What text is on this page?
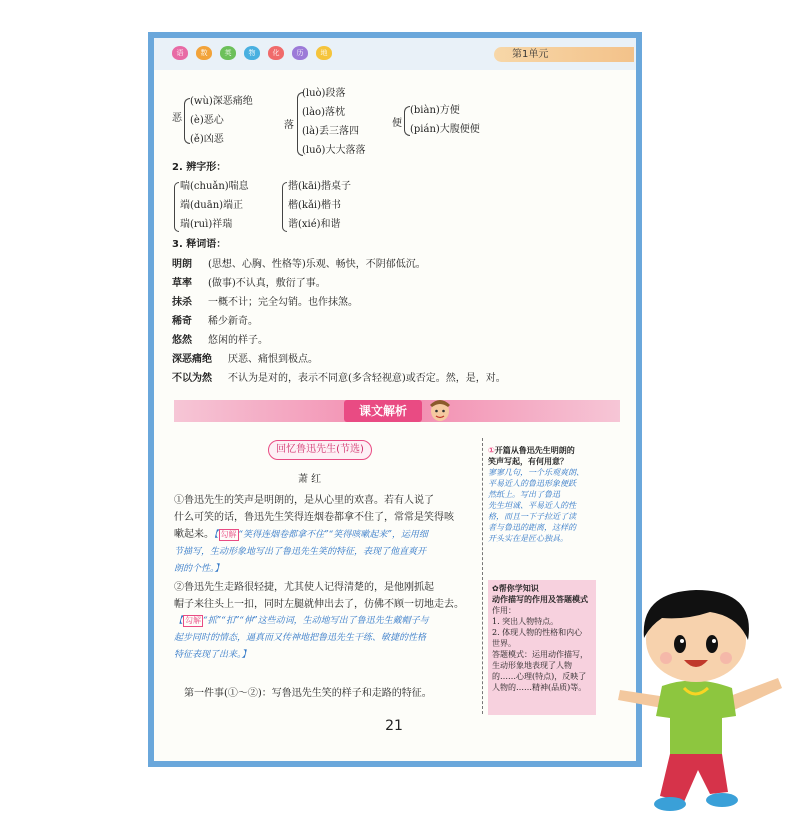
语	数	英	物	化	历	地	第1单元
恶
(wù)深恶痛绝
(è)恶心
(ě)凶恶
落
(luò)段落
(lào)落枕
(là)丢三落四
(luō)大大落落
便
(biàn)方便
(pián)大腹便便
2. 辨字形：
喘(chuǎn)喘息
端(duān)端正
瑞(ruì)祥瑞
揩(kāi)揩桌子
楷(kǎi)楷书
谐(xié)和谐
3. 释词语：
明朗 (思想、心胸、性格等)乐观、畅快，不阴郁低沉。
草率 (做事)不认真，敷衍了事。
抹杀 一概不计；完全勾销。也作抹煞。
稀奇 稀少新奇。
悠然 悠闲的样子。
深恶痛绝 厌恶、痛恨到极点。
不以为然 不认为是对的，表示不同意(多含轻视意)或否定。然，是，对。
课文解析
回忆鲁迅先生(节选)
萧 红
①鲁迅先生的笑声是明朗的，是从心里的欢喜。若有人说了
什么可笑的话，鲁迅先生笑得连烟卷都拿不住了，常常是笑得咳
嗽起来。【 勾解 “笑得连烟卷都拿不住”“笑得咳嗽起来”，运用细
节描写，生动形象地写出了鲁迅先生笑的特征，表现了他直爽开
朗的个性。】
②鲁迅先生走路很轻捷，尤其使人记得清楚的，是他刚抓起
帽子来往头上一扣，同时左腿就伸出去了，仿佛不顾一切地走去。
【 勾解 “抓”“扣”“伸”这些动词，生动地写出了鲁迅先生戴帽子与
起步同时的情态，逼真而又传神地把鲁迅先生干练、敏捷的性格
特征表现了出来。】
第一件事(①～②)：写鲁迅先生笑的样子和走路的特征。
①开篇从鲁迅先生明朗的
笑声写起，有何用意？
寥寥几句，一个乐观爽朗、
平易近人的鲁迅形象便跃
然纸上。写出了鲁迅
先生坦诚、平易近人的性
格，而且一下子拉近了读
者与鲁迅的距离，这样的
开头实在是匠心独具。
✿帮你学知识
动作描写的作用及答题模式
作用：
1. 突出人物特点。
2. 体现人物的性格和内心
世界。
答题模式：运用动作描写，
生动形象地表现了人物
的……心理(特点)，反映了
人物的……精神(品质)等。
21
